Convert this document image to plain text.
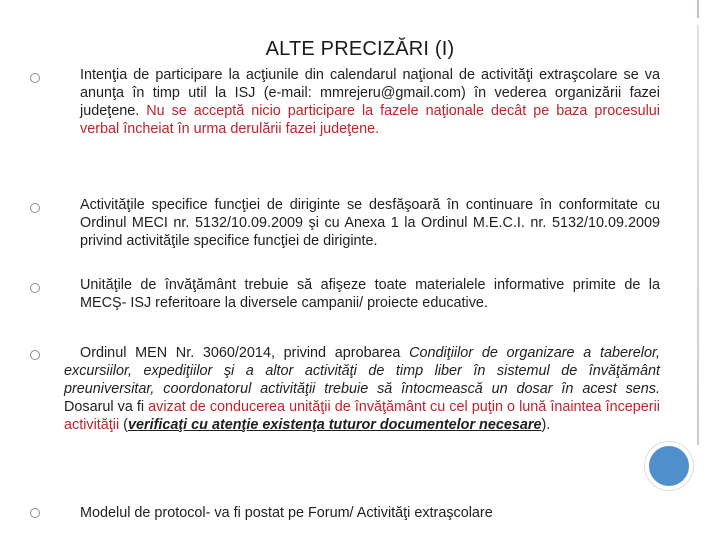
ALTE PRECIZĂRI (I)
Intenţia de participare la acţiunile din calendarul naţional de activităţi extraşcolare se va anunţa în timp util la ISJ (e-mail: mmrejeru@gmail.com) în vederea organizării fazei judeţene. Nu se acceptă nicio participare la fazele naţionale decât pe baza procesului verbal încheiat în urma derulării fazei judeţene.
Activităţile specifice funcţiei de diriginte se desfăşoară în continuare în conformitate cu Ordinul MECI nr. 5132/10.09.2009 şi cu Anexa 1 la Ordinul M.E.C.I. nr. 5132/10.09.2009 privind activităţile specifice funcţiei de diriginte.
Unităţile de învăţământ trebuie să afişeze toate materialele informative primite de la MECŞ- ISJ referitoare la diversele campanii/ proiecte educative.
Ordinul MEN Nr. 3060/2014, privind aprobarea Condiţiilor de organizare a taberelor, excursiilor, expediţiilor şi a altor activităţi de timp liber în sistemul de învăţământ preuniversitar, coordonatorul activităţii trebuie să întocmească un dosar în acest sens. Dosarul va fi avizat de conducerea unităţii de învăţământ cu cel puţin o lună înaintea începerii activităţii (verificaţi cu atenţie existenţa tuturor documentelor necesare).
Modelul de protocol- va fi postat pe Forum/ Activităţi extraşcolare
